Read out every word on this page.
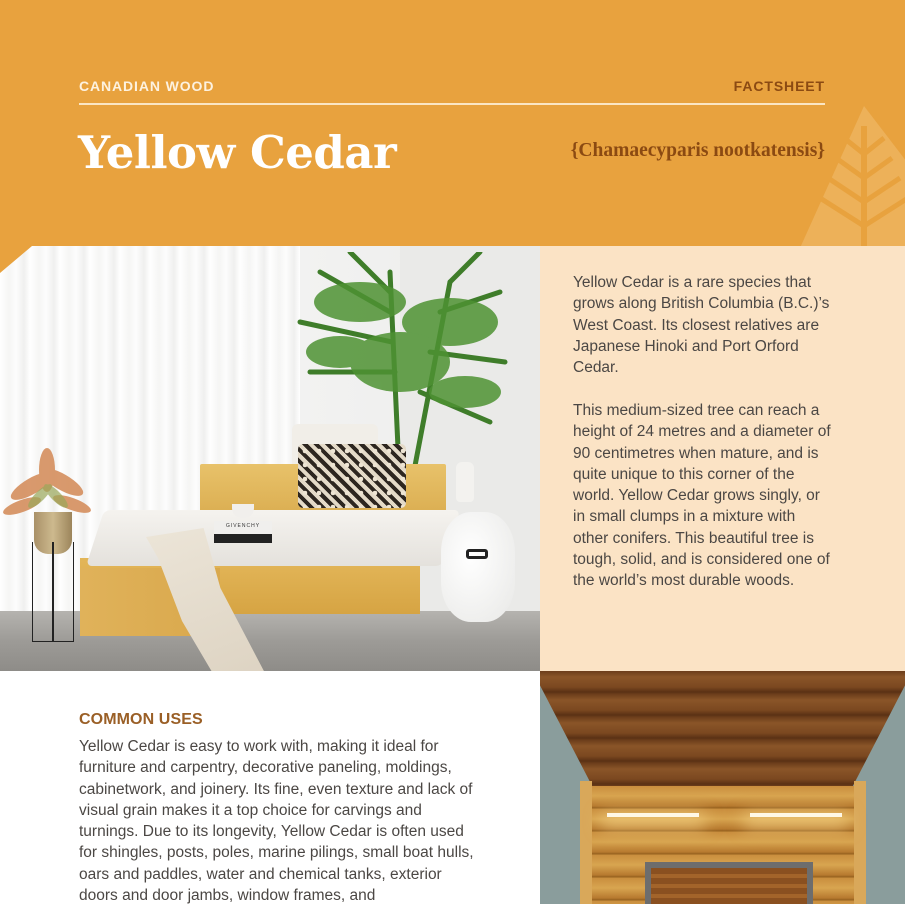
CANADIAN WOOD	FACTSHEET
Yellow Cedar	{Chamaecyparis nootkatensis}
GIVENCHY

Yellow Cedar is a rare species that grows along British Columbia (B.C.)’s West Coast. Its closest relatives are Japanese Hinoki and Port Orford Cedar.

This medium-sized tree can reach a height of 24 metres and a diameter of 90 centimetres when mature, and is quite unique to this corner of the world. Yellow Cedar grows singly, or in small clumps in a mixture with other conifers. This beautiful tree is tough, solid, and is considered one of the world’s most durable woods.

COMMON USES

Yellow Cedar is easy to work with, making it ideal for furniture and carpentry, decorative paneling, moldings, cabinetwork, and joinery. Its fine, even texture and lack of visual grain makes it a top choice for carvings and turnings. Due to its longevity, Yellow Cedar is often used for shingles, posts, poles, marine pilings, small boat hulls, oars and paddles, water and chemical tanks, exterior doors and door jambs, window frames, and
